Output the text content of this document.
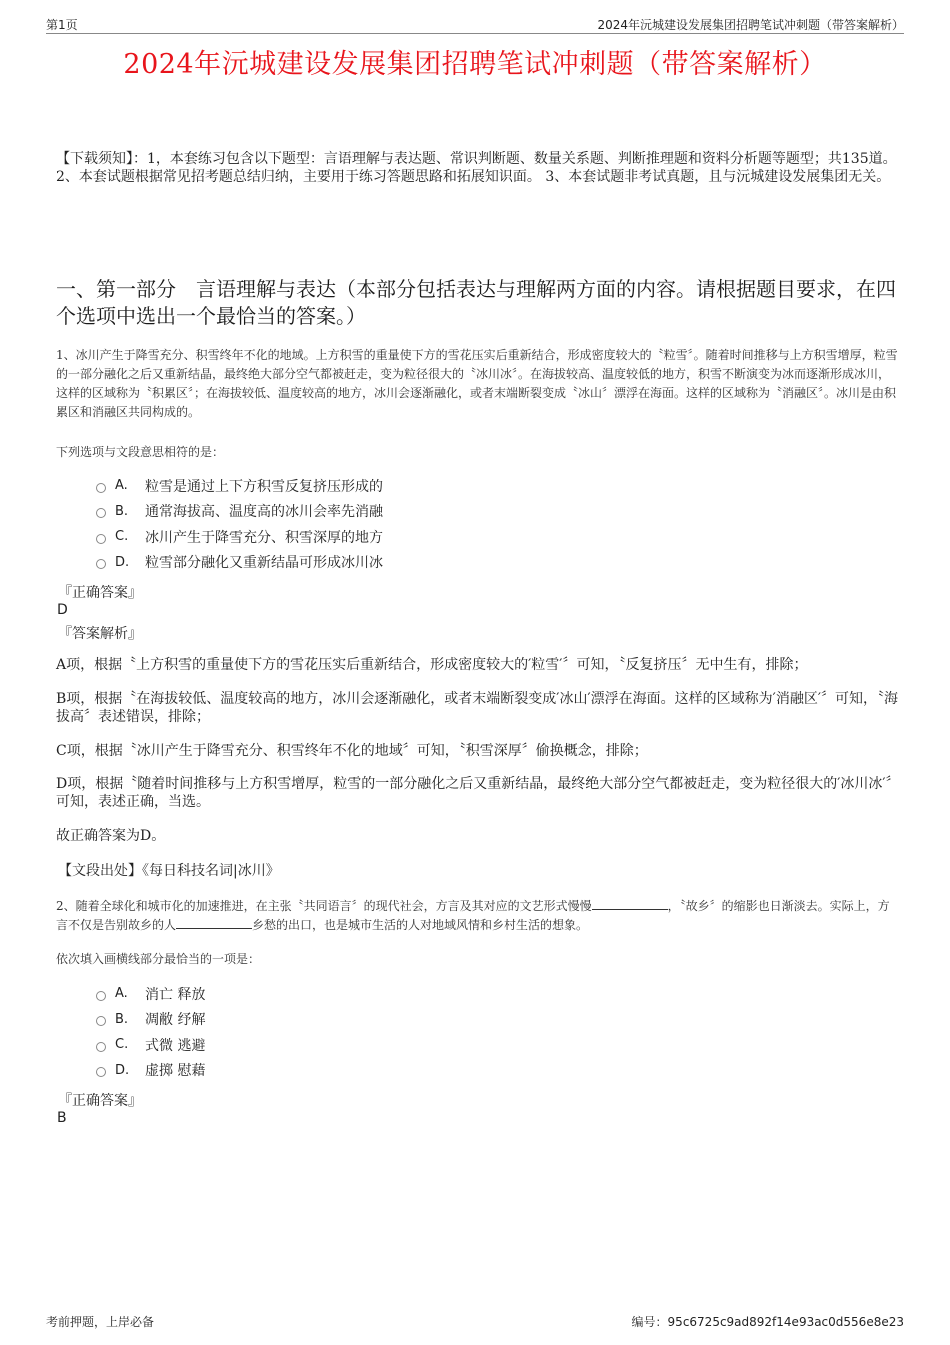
第1页	2024年沅城建设发展集团招聘笔试冲刺题（带答案解析）
2024年沅城建设发展集团招聘笔试冲刺题（带答案解析）
【下载须知】：1，本套练习包含以下题型：言语理解与表达题、常识判断题、数量关系题、判断推理题和资料分析题等题型；共135道。 2、本套试题根据常见招考题总结归纳，主要用于练习答题思路和拓展知识面。 3、本套试题非考试真题，且与沅城建设发展集团无关。
一、第一部分　言语理解与表达（本部分包括表达与理解两方面的内容。请根据题目要求，在四个选项中选出一个最恰当的答案。）
1、冰川产生于降雪充分、积雪终年不化的地域。上方积雪的重量使下方的雪花压实后重新结合，形成密度较大的〝粒雪〞。随着时间推移与上方积雪增厚，粒雪的一部分融化之后又重新结晶，最终绝大部分空气都被赶走，变为粒径很大的〝冰川冰〞。在海拔较高、温度较低的地方，积雪不断演变为冰而逐渐形成冰川，这样的区域称为〝积累区〞；在海拔较低、温度较高的地方，冰川会逐渐融化，或者末端断裂变成〝冰山〞漂浮在海面。这样的区域称为〝消融区〞。冰川是由积累区和消融区共同构成的。
下列选项与文段意思相符的是：
A.	粒雪是通过上下方积雪反复挤压形成的
B.	通常海拔高、温度高的冰川会率先消融
C.	冰川产生于降雪充分、积雪深厚的地方
D.	粒雪部分融化又重新结晶可形成冰川冰
『正确答案』
D
『答案解析』
A项，根据〝上方积雪的重量使下方的雪花压实后重新结合，形成密度较大的′粒雪′〞可知，〝反复挤压〞无中生有，排除；
B项，根据〝在海拔较低、温度较高的地方，冰川会逐渐融化，或者末端断裂变成′冰山′漂浮在海面。这样的区域称为′消融区′〞可知，〝海拔高〞表述错误，排除；
C项，根据〝冰川产生于降雪充分、积雪终年不化的地域〞可知，〝积雪深厚〞偷换概念，排除；
D项，根据〝随着时间推移与上方积雪增厚，粒雪的一部分融化之后又重新结晶，最终绝大部分空气都被赶走，变为粒径很大的′冰川冰′〞可知，表述正确，当选。
故正确答案为D。
【文段出处】《每日科技名词|冰川》
2、随着全球化和城市化的加速推进，在主张〝共同语言〞的现代社会，方言及其对应的文艺形式慢慢	，〝故乡〞的缩影也日渐淡去。实际上，方言不仅是告别故乡的人	乡愁的出口，也是城市生活的人对地域风情和乡村生活的想象。
依次填入画横线部分最恰当的一项是：
A.	消亡 释放
B.	凋敝 纾解
C.	式微 逃避
D.	虚掷 慰藉
『正确答案』
B
考前押题，上岸必备	编号：95c6725c9ad892f14e93ac0d556e8e23
